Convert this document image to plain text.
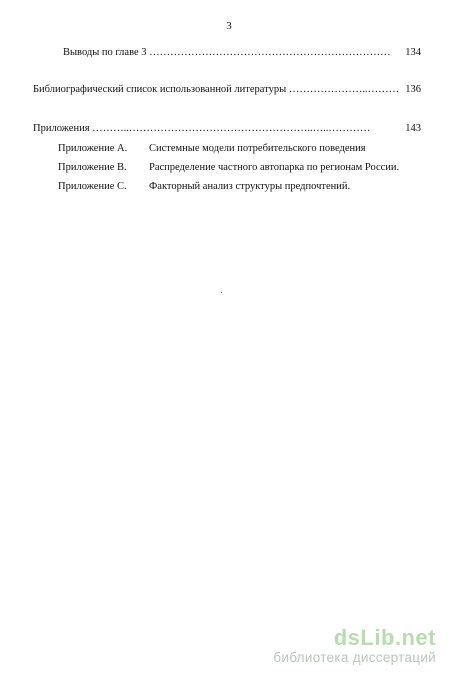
3
Выводы по главе 3 ……………………………………………………………	134
Библиографический список использованной литературы …………………..……… 136
Приложения ………..……………………………………………..…..…………	143
Приложение А. Системные модели потребительского поведения
Приложение В. Распределение частного автопарка по регионам России.
Приложение С. Факторный анализ структуры предпочтений.
dsLib.net
библиотека диссертаций
